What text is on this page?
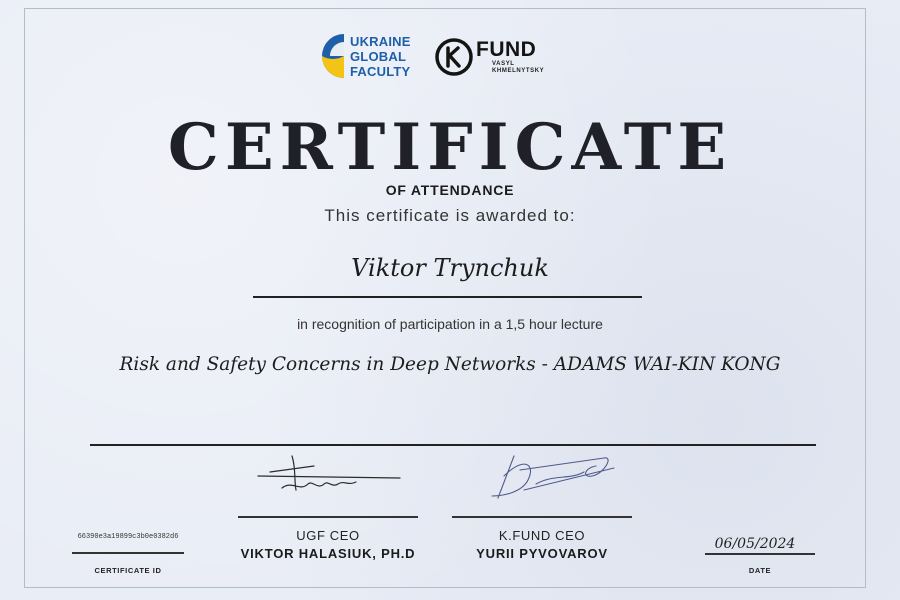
UKRAINE
GLOBAL
FACULTY
FUND
VASYL
KHMELNYTSKY
CERTIFICATE
OF ATTENDANCE
This certificate is awarded to:
Viktor Trynchuk
in recognition of participation in a 1,5 hour lecture
Risk and Safety Concerns in Deep Networks - ADAMS WAI-KIN KONG
UGF CEO
VIKTOR HALASIUK, PH.D
K.FUND CEO
YURII PYVOVAROV
66390e3a19899c3b0e0382d6
CERTIFICATE ID
06/05/2024
DATE
